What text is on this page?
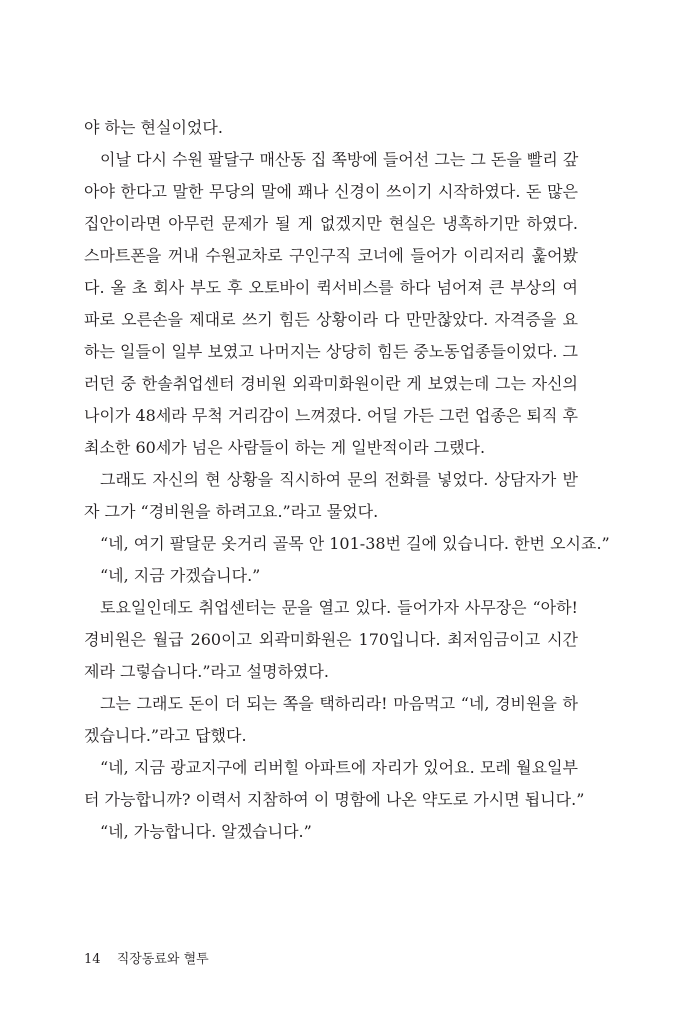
야 하는 현실이었다.
이날 다시 수원 팔달구 매산동 집 쪽방에 들어선 그는 그 돈을 빨리 갚
아야 한다고 말한 무당의 말에 꽤나 신경이 쓰이기 시작하였다. 돈 많은
집안이라면 아무런 문제가 될 게 없겠지만 현실은 냉혹하기만 하였다.
스마트폰을 꺼내 수원교차로 구인구직 코너에 들어가 이리저리 훑어봤
다. 올 초 회사 부도 후 오토바이 퀵서비스를 하다 넘어져 큰 부상의 여
파로 오른손을 제대로 쓰기 힘든 상황이라 다 만만찮았다. 자격증을 요
하는 일들이 일부 보였고 나머지는 상당히 힘든 중노동업종들이었다. 그
러던 중 한솔취업센터 경비원 외곽미화원이란 게 보였는데 그는 자신의
나이가 48세라 무척 거리감이 느껴졌다. 어딜 가든 그런 업종은 퇴직 후
최소한 60세가 넘은 사람들이 하는 게 일반적이라 그랬다.
그래도 자신의 현 상황을 직시하여 문의 전화를 넣었다. 상담자가 받
자 그가 “경비원을 하려고요.”라고 물었다.
“네, 여기 팔달문 옷거리 골목 안 101-38번 길에 있습니다. 한번 오시죠.”
“네, 지금 가겠습니다.”
토요일인데도 취업센터는 문을 열고 있다. 들어가자 사무장은 “아하!
경비원은 월급 260이고 외곽미화원은 170입니다. 최저임금이고 시간
제라 그렇습니다.”라고 설명하였다.
그는 그래도 돈이 더 되는 쪽을 택하리라! 마음먹고 “네, 경비원을 하
겠습니다.”라고 답했다.
“네, 지금 광교지구에 리버힐 아파트에 자리가 있어요. 모레 월요일부
터 가능합니까? 이력서 지참하여 이 명함에 나온 약도로 가시면 됩니다.”
“네, 가능합니다. 알겠습니다.”
14 직장동료와 혈투
